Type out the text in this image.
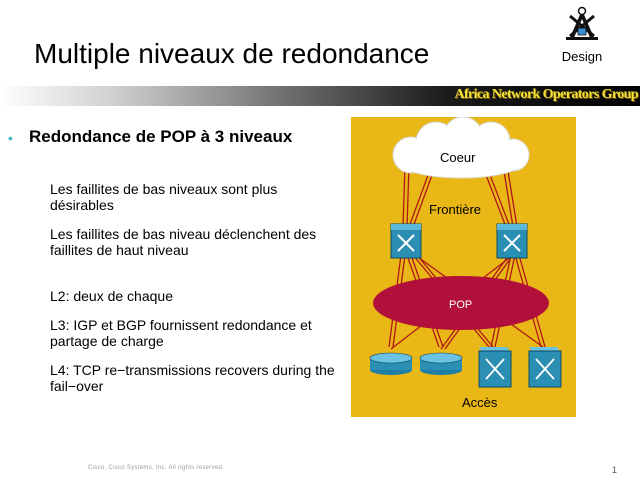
Multiple niveaux de redondance	Design
Africa Network Operators Group
• Redondance de POP à 3 niveaux
Les faillites de bas niveaux sont plus désirables
Les faillites de bas niveau déclenchent des faillites de haut niveau
L2: deux de chaque
L3: IGP et BGP fournissent redondance et partage de charge
L4: TCP re−transmissions recovers during the fail−over
Coeur
Frontière
POP
Accès
Cisco, Cisco Systems, Inc. All rights reserved.	1
